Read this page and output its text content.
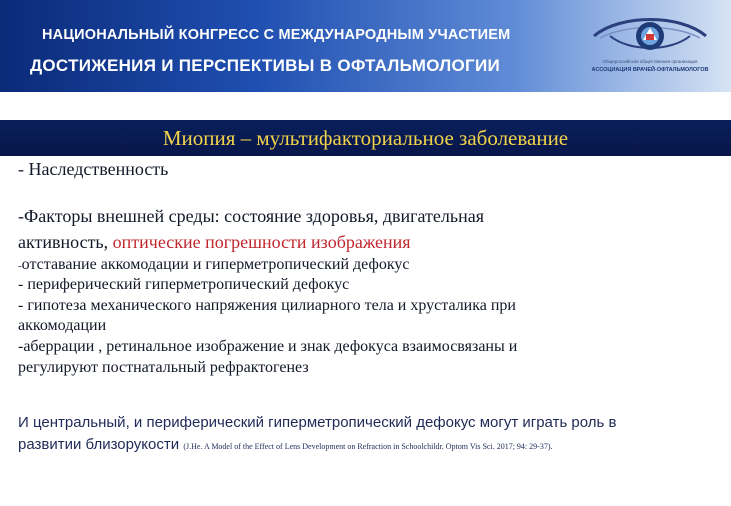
НАЦИОНАЛЬНЫЙ КОНГРЕСС С МЕЖДУНАРОДНЫМ УЧАСТИЕМ
ДОСТИЖЕНИЯ И ПЕРСПЕКТИВЫ В ОФТАЛЬМОЛОГИИ	Общероссийская общественная организация
АССОЦИАЦИЯ ВРАЧЕЙ-ОФТАЛЬМОЛОГОВ
Миопия – мультифакториальное заболевание
- Наследственность
-Факторы внешней среды: состояние здоровья, двигательная
активность, оптические погрешности изображения
-отставание аккомодации и гиперметропический дефокус
- периферический гиперметропический дефокус
- гипотеза механического напряжения цилиарного тела и хрусталика при
аккомодации
-аберрации , ретинальное изображение и знак дефокуса взаимосвязаны и
регулируют постнатальный рефрактогенез
И центральный, и периферический гиперметропический дефокус могут играть роль в
развитии близорукости (J.He. A Model of the Effect of Lens Development on Refraction in Schoolchildr. Optom Vis Sci. 2017; 94: 29-37).
